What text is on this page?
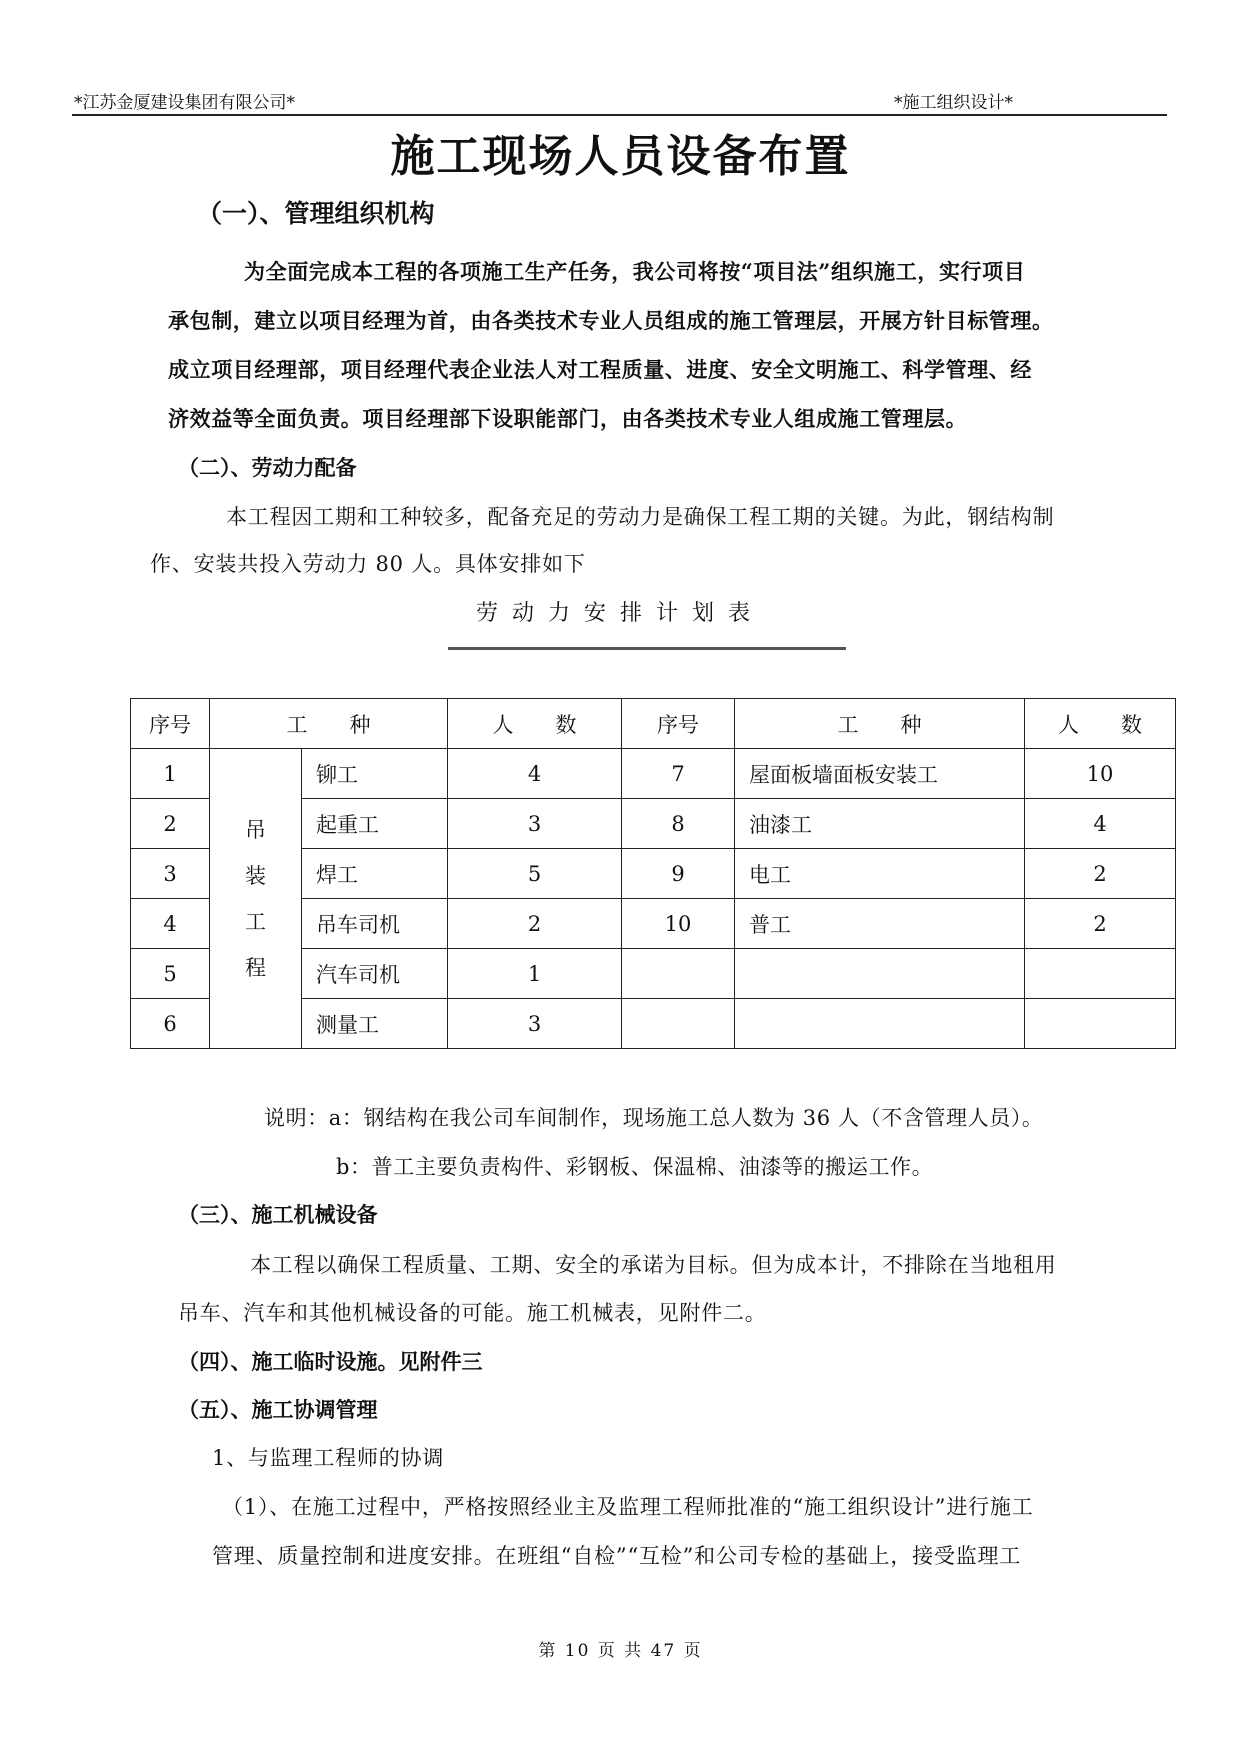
*江苏金厦建设集团有限公司*	*施工组织设计*
施工现场人员设备布置
（一）、管理组织机构
为全面完成本工程的各项施工生产任务，我公司将按“项目法”组织施工，实行项目
承包制，建立以项目经理为首，由各类技术专业人员组成的施工管理层，开展方针目标管理。
成立项目经理部，项目经理代表企业法人对工程质量、进度、安全文明施工、科学管理、经
济效益等全面负责。项目经理部下设职能部门，由各类技术专业人组成施工管理层。
（二）、劳动力配备
本工程因工期和工种较多，配备充足的劳动力是确保工程工期的关键。为此，钢结构制
作、安装共投入劳动力 80 人。具体安排如下
劳动力安排计划表
序号	工　　种		人　　数	序号	工　　种	人　　数
1	吊
装
工
程	铆工	4	7	屋面板墙面板安装工	10
2		起重工	3	8	油漆工	4
3		焊工	5	9	电工	2
4		吊车司机	2	10	普工	2
5		汽车司机	1			
6		测量工	3			
说明：a：钢结构在我公司车间制作，现场施工总人数为 36 人（不含管理人员）。
b：普工主要负责构件、彩钢板、保温棉、油漆等的搬运工作。
（三）、施工机械设备
本工程以确保工程质量、工期、安全的承诺为目标。但为成本计，不排除在当地租用
吊车、汽车和其他机械设备的可能。施工机械表，见附件二。
（四）、施工临时设施。见附件三
（五）、施工协调管理
1、与监理工程师的协调
（1）、在施工过程中，严格按照经业主及监理工程师批准的“施工组织设计”进行施工
管理、质量控制和进度安排。在班组“自检”“互检”和公司专检的基础上，接受监理工
第 10 页 共 47 页
